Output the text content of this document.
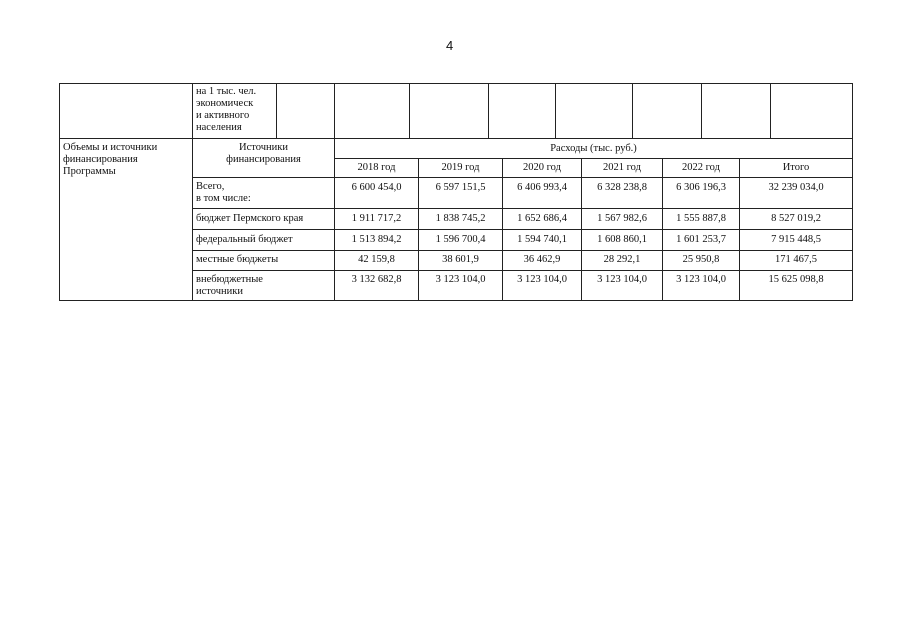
4
на 1 тыс. чел.
экономическ
и активного
населения
Объемы и источники
финансирования
Программы
Источники
финансирования
Расходы (тыс. руб.)
2018 год	2019 год	2020 год	2021 год	2022 год	Итого
Всего,
в том числе:
6 600 454,0	6 597 151,5	6 406 993,4	6 328 238,8	6 306 196,3	32 239 034,0
бюджет Пермского края	1 911 717,2	1 838 745,2	1 652 686,4	1 567 982,6	1 555 887,8	8 527 019,2
федеральный бюджет	1 513 894,2	1 596 700,4	1 594 740,1	1 608 860,1	1 601 253,7	7 915 448,5
местные бюджеты	42 159,8	38 601,9	36 462,9	28 292,1	25 950,8	171 467,5
внебюджетные
источники
3 132 682,8	3 123 104,0	3 123 104,0	3 123 104,0	3 123 104,0	15 625 098,8
